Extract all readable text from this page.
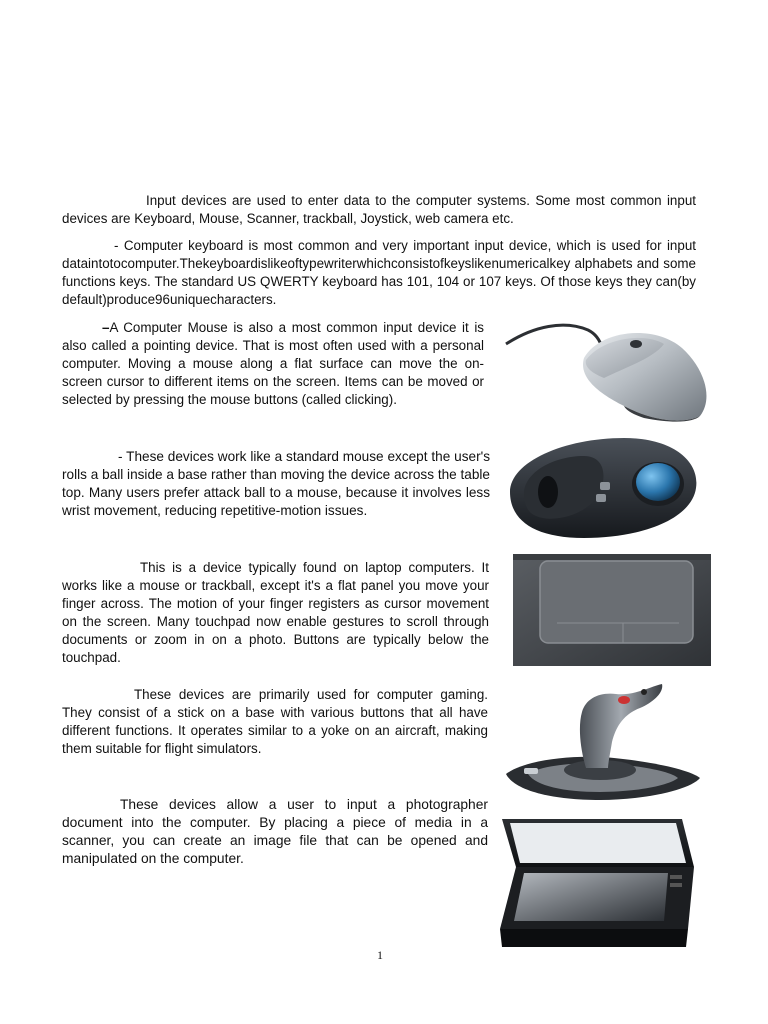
Input devices are used to enter data to the computer systems. Some most common input devices are Keyboard, Mouse, Scanner, trackball, Joystick, web camera etc.

- Computer keyboard is most common and very important input device, which is used for input dataintotocomputer.Thekeyboardislikeoftypewriterwhichconsistofkeyslikenumericalkey alphabets and some functions keys. The standard US QWERTY keyboard has 101, 104 or 107 keys. Of those keys they can(by default)produce96uniquecharacters.

–A Computer Mouse is also a most common input device it is also called a pointing device. That is most often used with a personal computer. Moving a mouse along a flat surface can move the on-screen cursor to different items on the screen. Items can be moved or selected by pressing the mouse buttons (called clicking).

- These devices work like a standard mouse except the user's rolls a ball inside a base rather than moving the device across the table top. Many users prefer attack ball to a mouse, because it involves less wrist movement, reducing repetitive-motion issues.

This is a device typically found on laptop computers. It works like a mouse or trackball, except it's a flat panel you move your finger across. The motion of your finger registers as cursor movement on the screen. Many touchpad now enable gestures to scroll through documents or zoom in on a photo. Buttons are typically below the touchpad.

These devices are primarily used for computer gaming. They consist of a stick on a base with various buttons that all have different functions. It operates similar to a yoke on an aircraft, making them suitable for flight simulators.

These devices allow a user to input a photographer document into the computer. By placing a piece of media in a scanner, you can create an image file that can be opened and manipulated on the computer.

1
